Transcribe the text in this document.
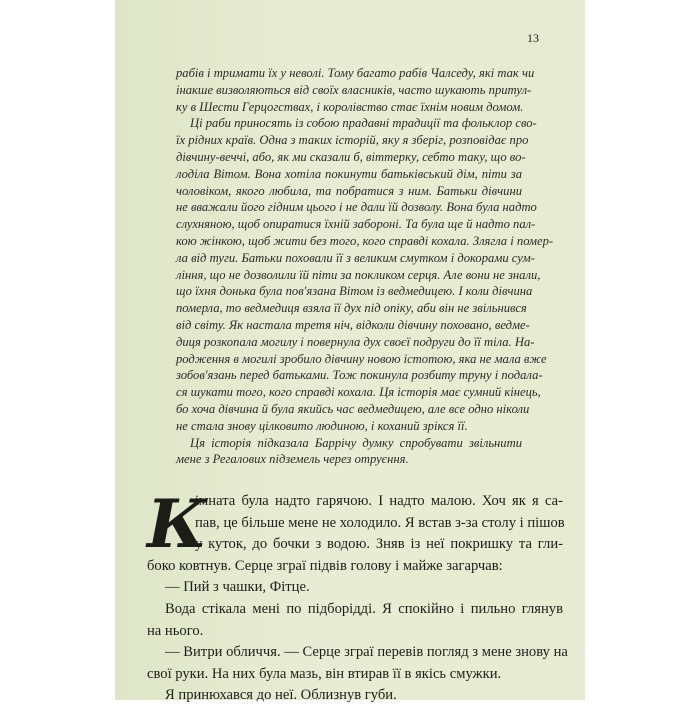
13
рабів і тримати їх у неволі. Тому багато рабів Чалседу, які так чи
інакше визволяються від своїх власників, часто шукають притул-
ку в Шести Герцогствах, і королівство стає їхнім новим домом.
Ці раби приносять із собою прадавні традиції та фольклор сво-
їх рідних країв. Одна з таких історій, яку я зберіг, розповідає про
дівчину-веччі, або, як ми сказали б, віттерку, себто таку, що во-
лоділа Вітом. Вона хотіла покинути батьківський дім, піти за
чоловіком, якого любила, та побратися з ним. Батьки дівчини
не вважали його гідним цього і не дали їй дозволу. Вона була надто
слухняною, щоб опиратися їхній забороні. Та була ще й надто пал-
кою жінкою, щоб жити без того, кого справді кохала. Злягла і помер-
ла від туги. Батьки поховали її з великим смутком і докорами сум-
ління, що не дозволили їй піти за покликом серця. Але вони не знали,
що їхня донька була пов'язана Вітом із ведмедицею. І коли дівчина
померла, то ведмедиця взяла її дух під опіку, аби він не звільнився
від світу. Як настала третя ніч, відколи дівчину поховано, ведме-
диця розкопала могилу і повернула дух своєї подруги до її тіла. На-
родження в могилі зробило дівчину новою істотою, яка не мала вже
зобов'язань перед батьками. Тож покинула розбиту труну і подала-
ся шукати того, кого справді кохала. Ця історія має сумний кінець,
бо хоча дівчина й була якийсь час ведмедицею, але все одно ніколи
не стала знову цілковито людиною, і коханий зрікся її.
Ця історія підказала Баррічу думку спробувати звільнити
мене з Регалових підземель через отруєння.
К
імната була надто гарячою. І надто малою. Хоч як я са-
пав, це більше мене не холодило. Я встав з-за столу і пішов
у куток, до бочки з водою. Зняв із неї покришку та гли-
боко ковтнув. Серце зграї підвів голову і майже загарчав:
— Пий з чашки, Фітце.
Вода стікала мені по підборідді. Я спокійно і пильно глянув
на нього.
— Витри обличчя. — Серце зграї перевів погляд з мене знову на
свої руки. На них була мазь, він втирав її в якісь смужки.
Я принюхався до неї. Облизнув губи.
